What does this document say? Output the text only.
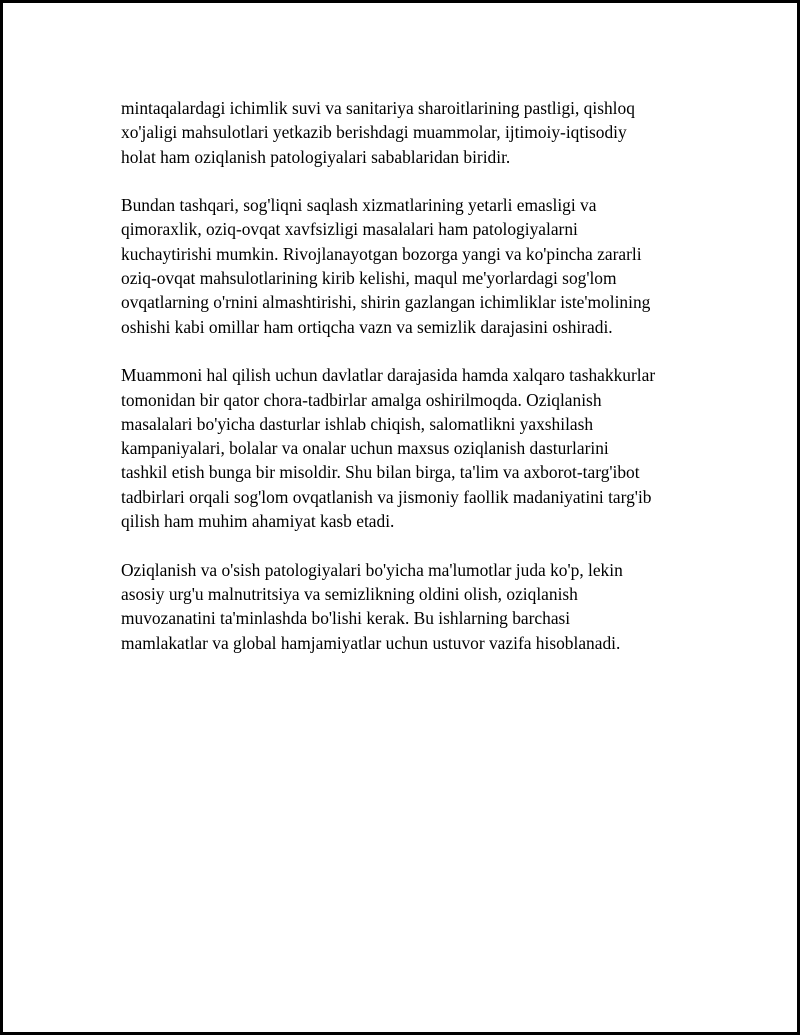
mintaqalardagi ichimlik suvi va sanitariya sharoitlarining pastligi, qishloq
xo'jaligi mahsulotlari yetkazib berishdagi muammolar, ijtimoiy-iqtisodiy
holat ham oziqlanish patologiyalari sabablaridan biridir.

Bundan tashqari, sog'liqni saqlash xizmatlarining yetarli emasligi va
qimoraxlik, oziq-ovqat xavfsizligi masalalari ham patologiyalarni
kuchaytirishi mumkin. Rivojlanayotgan bozorga yangi va ko'pincha zararli
oziq-ovqat mahsulotlarining kirib kelishi, maqul me'yorlardagi sog'lom
ovqatlarning o'rnini almashtirishi, shirin gazlangan ichimliklar iste'molining
oshishi kabi omillar ham ortiqcha vazn va semizlik darajasini oshiradi.

Muammoni hal qilish uchun davlatlar darajasida hamda xalqaro tashakkurlar
tomonidan bir qator chora-tadbirlar amalga oshirilmoqda. Oziqlanish
masalalari bo'yicha dasturlar ishlab chiqish, salomatlikni yaxshilash
kampaniyalari, bolalar va onalar uchun maxsus oziqlanish dasturlarini
tashkil etish bunga bir misoldir. Shu bilan birga, ta'lim va axborot-targ'ibot
tadbirlari orqali sog'lom ovqatlanish va jismoniy faollik madaniyatini targ'ib
qilish ham muhim ahamiyat kasb etadi.

Oziqlanish va o'sish patologiyalari bo'yicha ma'lumotlar juda ko'p, lekin
asosiy urg'u malnutritsiya va semizlikning oldini olish, oziqlanish
muvozanatini ta'minlashda bo'lishi kerak. Bu ishlarning barchasi
mamlakatlar va global hamjamiyatlar uchun ustuvor vazifa hisoblanadi.
